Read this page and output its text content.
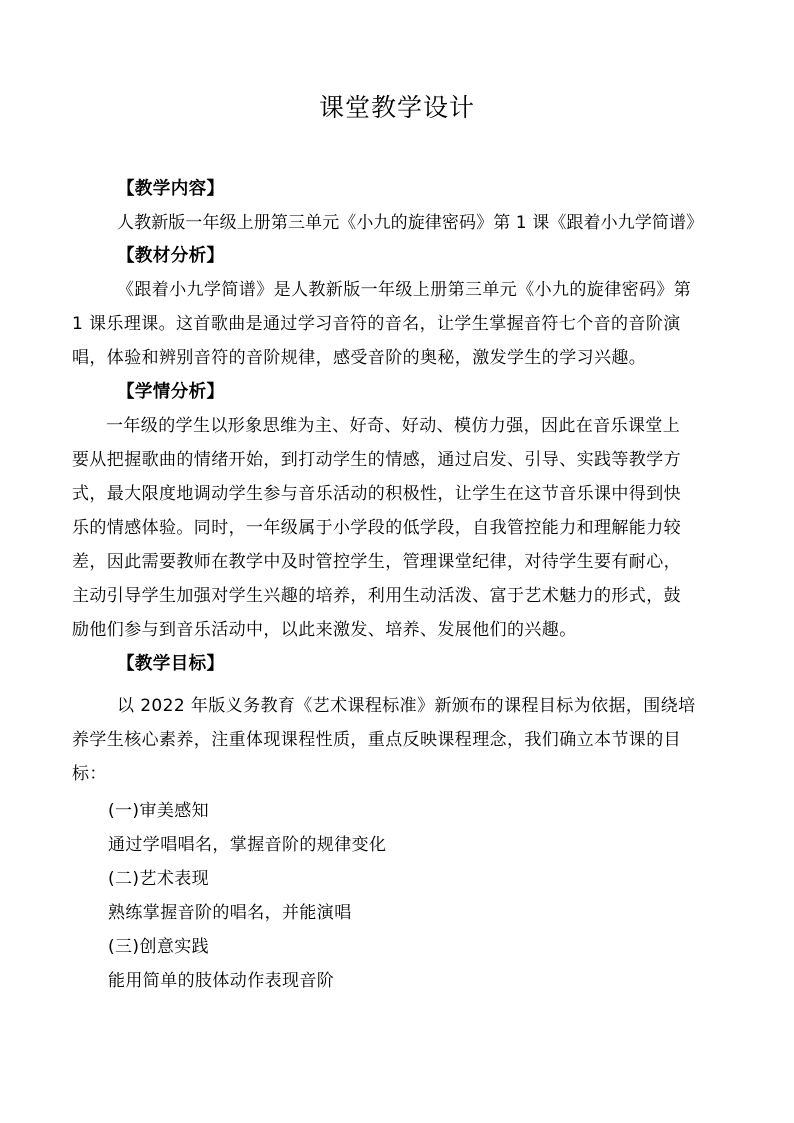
课堂教学设计
【教学内容】
人教新版一年级上册第三单元《小九的旋律密码》第 1 课《跟着小九学简谱》
【教材分析】
《跟着小九学简谱》是人教新版一年级上册第三单元《小九的旋律密码》第
1 课乐理课。这首歌曲是通过学习音符的音名，让学生掌握音符七个音的音阶演
唱，体验和辨别音符的音阶规律，感受音阶的奥秘，激发学生的学习兴趣。
【学情分析】
一年级的学生以形象思维为主、好奇、好动、模仿力强，因此在音乐课堂上
要从把握歌曲的情绪开始，到打动学生的情感，通过启发、引导、实践等教学方
式，最大限度地调动学生参与音乐活动的积极性，让学生在这节音乐课中得到快
乐的情感体验。同时，一年级属于小学段的低学段，自我管控能力和理解能力较
差，因此需要教师在教学中及时管控学生，管理课堂纪律，对待学生要有耐心，
主动引导学生加强对学生兴趣的培养，利用生动活泼、富于艺术魅力的形式，鼓
励他们参与到音乐活动中，以此来激发、培养、发展他们的兴趣。
【教学目标】
以 2022 年版义务教育《艺术课程标准》新颁布的课程目标为依据，围绕培
养学生核心素养，注重体现课程性质，重点反映课程理念，我们确立本节课的目
标：
(一)审美感知
通过学唱唱名，掌握音阶的规律变化
(二)艺术表现
熟练掌握音阶的唱名，并能演唱
(三)创意实践
能用简单的肢体动作表现音阶
